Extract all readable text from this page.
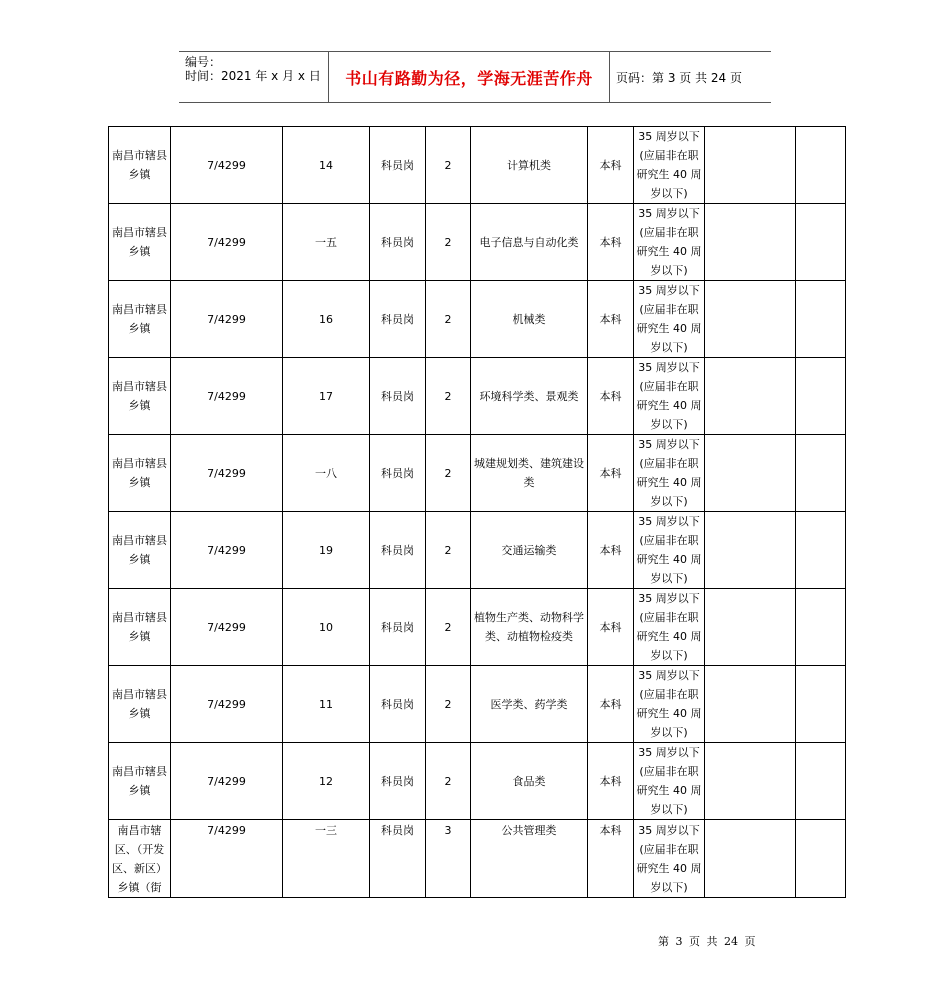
编号：
时间：2021 年 x 月 x 日	书山有路勤为径，学海无涯苦作舟 页码：第 3 页 共 24 页
南昌市辖县乡镇	7/4299	14	科员岗	2	计算机类	本科	35 周岁以下(应届非在职研究生 40 周岁以下)		
南昌市辖县乡镇	7/4299	一五	科员岗	2	电子信息与自动化类	本科	35 周岁以下(应届非在职研究生 40 周岁以下)		
南昌市辖县乡镇	7/4299	16	科员岗	2	机械类	本科	35 周岁以下(应届非在职研究生 40 周岁以下)		
南昌市辖县乡镇	7/4299	17	科员岗	2	环境科学类、景观类	本科	35 周岁以下(应届非在职研究生 40 周岁以下)		
南昌市辖县乡镇	7/4299	一八	科员岗	2	城建规划类、建筑建设类	本科	35 周岁以下(应届非在职研究生 40 周岁以下)		
南昌市辖县乡镇	7/4299	19	科员岗	2	交通运输类	本科	35 周岁以下(应届非在职研究生 40 周岁以下)		
南昌市辖县乡镇	7/4299	10	科员岗	2	植物生产类、动物科学类、动植物检疫类	本科	35 周岁以下(应届非在职研究生 40 周岁以下)		
南昌市辖县乡镇	7/4299	11	科员岗	2	医学类、药学类	本科	35 周岁以下(应届非在职研究生 40 周岁以下)		
南昌市辖县乡镇	7/4299	12	科员岗	2	食品类	本科	35 周岁以下(应届非在职研究生 40 周岁以下)		
南昌市辖区、（开发区、新区）乡镇（街	7/4299	一三	科员岗	3	公共管理类	本科	35 周岁以下(应届非在职研究生 40 周岁以下)		
第 3 页 共 24 页
